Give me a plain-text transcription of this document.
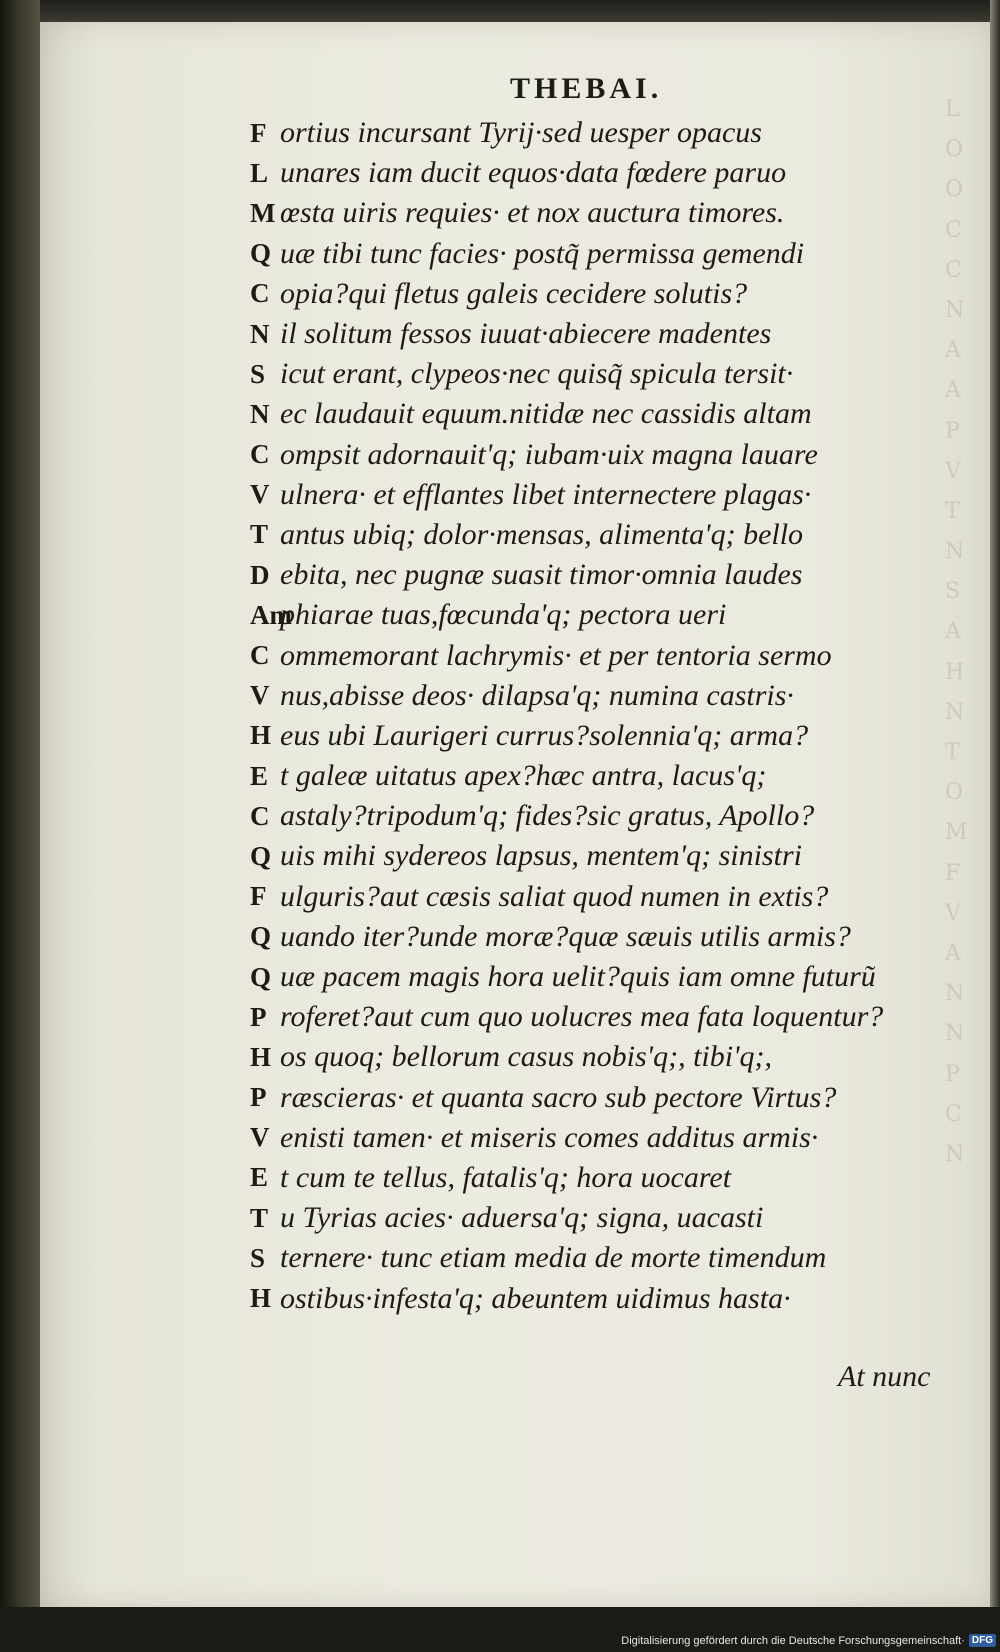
L
O
O
C
C
N
A
A
P
V
T
N
S
A
H
N
T
O
M
F
V
A
N
N
P
C
N
THEBAI.
F ortius incursant Tyrij·sed uesper opacus
L unares iam ducit equos·data fœdere paruo
M œsta uiris requies· et nox auctura timores.
Q uæ tibi tunc facies· postq̃ permissa gemendi
C opia?qui fletus galeis cecidere solutis?
N il solitum fessos iuuat·abiecere madentes
S icut erant, clypeos·nec quisq̃ spicula tersit·
N ec laudauit equum.nitidæ nec cassidis altam
C ompsit adornauit'q; iubam·uix magna lauare
V ulnera· et efflantes libet internectere plagas·
T antus ubiq; dolor·mensas, alimenta'q; bello
D ebita, nec pugnæ suasit timor·omnia laudes
Am
phiarae tuas,fœcunda'q; pectora ueri
C ommemorant lachrymis· et per tentoria sermo
V nus,abisse deos· dilapsa'q; numina castris·
H eus ubi Laurigeri currus?solennia'q; arma?
E t galeæ uitatus apex?hæc antra, lacus'q;
C astaly?tripodum'q; fides?sic gratus, Apollo?
Q uis mihi sydereos lapsus, mentem'q; sinistri
F ulguris?aut cæsis saliat quod numen in extis?
Q uando iter?unde moræ?quæ sæuis utilis armis?
Q uæ pacem magis hora uelit?quis iam omne futurũ
P roferet?aut cum quo uolucres mea fata loquentur?
H os quoq; bellorum casus nobis'q;, tibi'q;,
P ræscieras· et quanta sacro sub pectore Virtus?
V enisti tamen· et miseris comes additus armis·
E t cum te tellus, fatalis'q; hora uocaret
T u Tyrias acies· aduersa'q; signa, uacasti
S ternere· tunc etiam media de morte timendum
H ostibus·infesta'q; abeuntem uidimus hasta·
At nunc
Digitalisierung gefördert durch die Deutsche Forschungsgemeinschaft· DFG
